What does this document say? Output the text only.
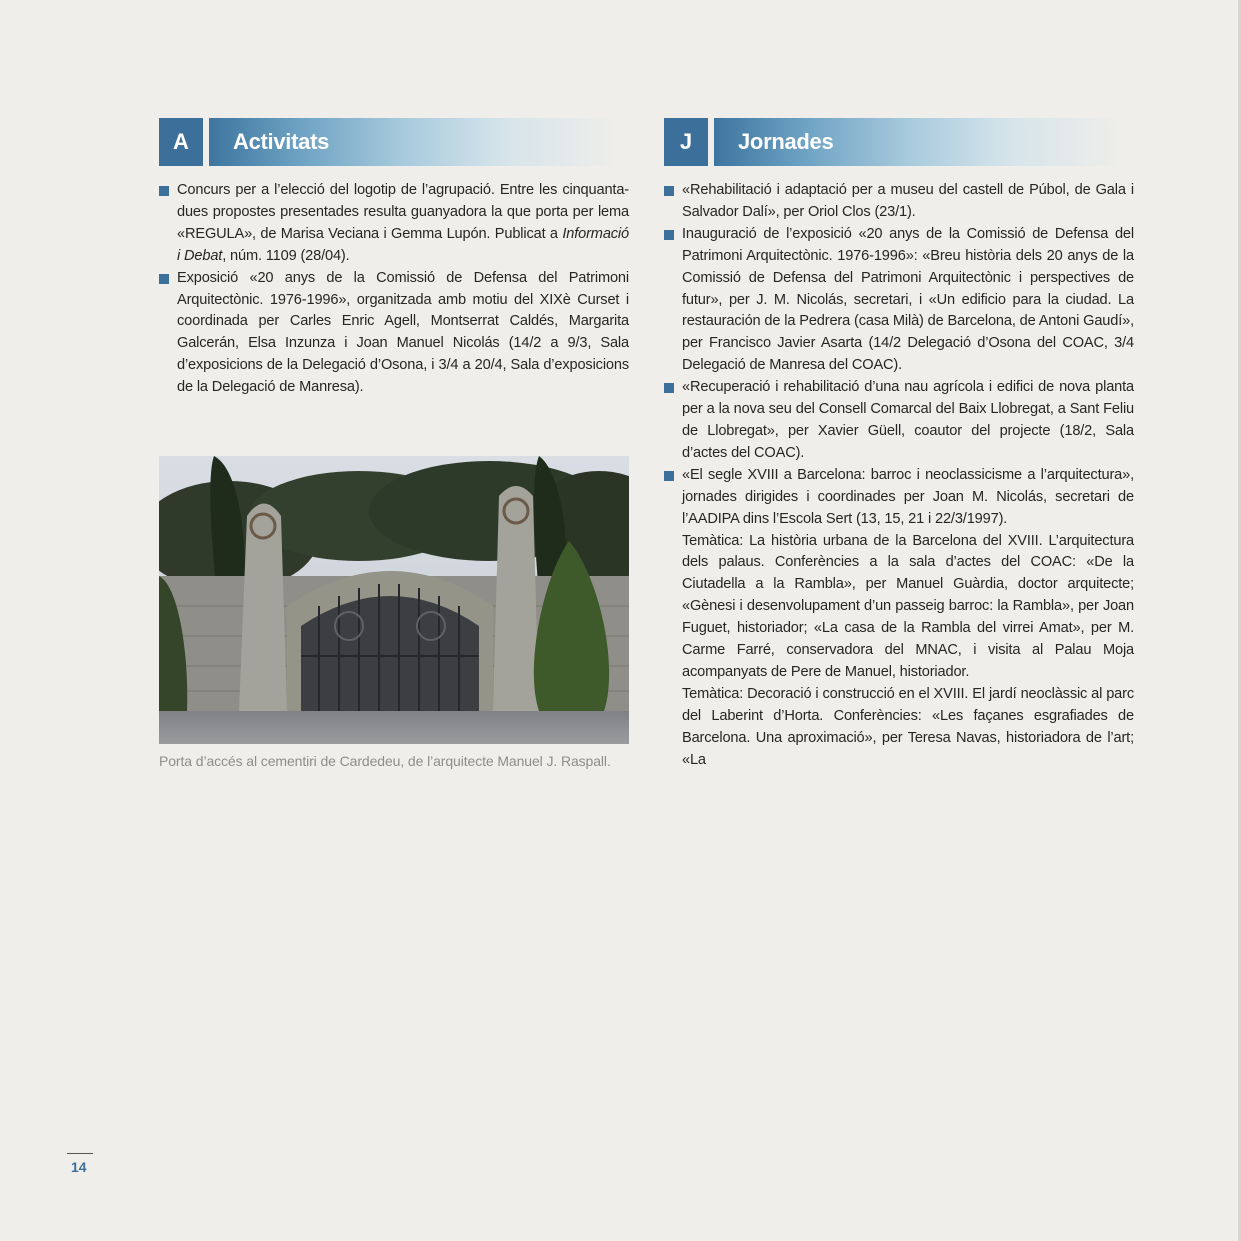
A	Activitats	J	Jornades
Concurs per a l’elecció del logotip de l’agrupació. Entre les cinquanta-dues propostes presentades resulta guanyadora la que porta per lema «REGULA», de Marisa Veciana i Gemma Lupón. Publicat a Informació i Debat, núm. 1109 (28/04).
Exposició «20 anys de la Comissió de Defensa del Patrimoni Arquitectònic. 1976-1996», organitzada amb motiu del XIXè Curset i coordinada per Carles Enric Agell, Montserrat Caldés, Margarita Galcerán, Elsa Inzunza i Joan Manuel Nicolás (14/2 a 9/3, Sala d’exposicions de la Delegació d’Osona, i 3/4 a 20/4, Sala d’exposicions de la Delegació de Manresa).
Porta d’accés al cementiri de Cardedeu, de l’arquitecte Manuel J. Raspall.
«Rehabilitació i adaptació per a museu del castell de Púbol, de Gala i Salvador Dalí», per Oriol Clos (23/1).
Inauguració de l’exposició «20 anys de la Comissió de Defensa del Patrimoni Arquitectònic. 1976-1996»: «Breu història dels 20 anys de la Comissió de Defensa del Patrimoni Arquitectònic i perspectives de futur», per J. M. Nicolás, secretari, i «Un edificio para la ciudad. La restauración de la Pedrera (casa Milà) de Barcelona, de Antoni Gaudí», per Francisco Javier Asarta (14/2 Delegació d’Osona del COAC, 3/4 Delegació de Manresa del COAC).
«Recuperació i rehabilitació d’una nau agrícola i edifici de nova planta per a la nova seu del Consell Comarcal del Baix Llobregat, a Sant Feliu de Llobregat», per Xavier Güell, coautor del projecte (18/2, Sala d’actes del COAC).
«El segle XVIII a Barcelona: barroc i neoclassicisme a l’arquitectura», jornades dirigides i coordinades per Joan M. Nicolás, secretari de l’AADIPA dins l’Escola Sert (13, 15, 21 i 22/3/1997).
Temàtica: La història urbana de la Barcelona del XVIII. L’arquitectura dels palaus. Conferències a la sala d’actes del COAC: «De la Ciutadella a la Rambla», per Manuel Guàrdia, doctor arquitecte; «Gènesi i desenvolupament d’un passeig barroc: la Rambla», per Joan Fuguet, historiador; «La casa de la Rambla del virrei Amat», per M. Carme Farré, conservadora del MNAC, i visita al Palau Moja acompanyats de Pere de Manuel, historiador.
Temàtica: Decoració i construcció en el XVIII. El jardí neoclàssic al parc del Laberint d’Horta. Conferències: «Les façanes esgrafiades de Barcelona. Una aproximació», per Teresa Navas, historiadora de l’art; «La
14
